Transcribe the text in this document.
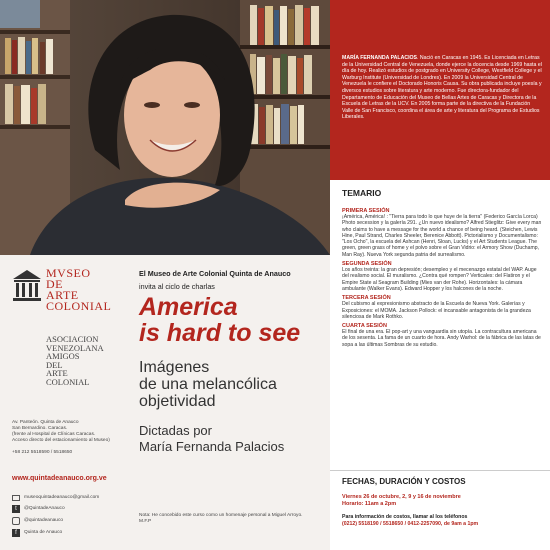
MARÍA FERNANDA PALACIOS. Nació en Caracas en 1945. Es Licenciada en Letras de la Universidad Central de Venezuela, donde ejerce la docencia desde 1969 hasta el día de hoy. Realizó estudios de postgrado en University College, Westfield College y el Warburg Institute (Universidad de Londres). En 2009 la Universidad Central de Venezuela le confiere el Doctorado Honoris Causa. Su obra publicada incluye poesía y diversos estudios sobre literatura y arte moderno. Fue directora-fundador del Departamento de Educación del Museo de Bellas Artes de Caracas y Directora de la Escuela de Letras de la UCV. En 2005 forma parte de la directiva de la Fundación Valle de San Francisco, coordina el área de arte y literatura del Programa de Estudios Liberales.
TEMARIO
PRIMERA SESIÓN
¡América, América! : "Tierra para todo lo que huye de la tierra" (Federico García Lorca) Photo secession y la galería 291. ¿Un nuevo idealismo? Alfred Stieglitz: Give every man who claims to have a message for the world a chance of being heard. (Steichen, Lewis Hine, Paul Strand, Charles Sheeler, Berenice Abbott). Pictorialismo y Documentalismo: "Los Ocho", la escuela del Ashcan (Henri, Sloan, Lucks) y el Art Students League. The green, green grass of home y el polvo sobre el Gran Vidrio: el Armory Show (Duchamp, Man Ray). Nueva York segunda patria del surrealismo.
SEGUNDA SESIÓN
Los años treinta: la gran depresión; desempleo y el mecenazgo estatal del WAP. Auge del realismo social. El muralismo. ¿Contra qué rompen? Verticales: del Flatiron y el Empire State al Seagram Building (Mies van der Rohe). Horizontales: la cámara ambulante (Walker Evans). Edward Hopper y los halcones de la noche.
TERCERA SESIÓN
Del cubismo al expresionismo abstracto de la Escuela de Nueva York. Galerías y Exposiciones: el MOMA. Jackson Pollock: el incansable antagonista de la grandeza silenciosa de Mark Rothko.
CUARTA SESIÓN
El final de una era. El pop-art y una vanguardia sin utopía. La contracultura americana de los sesenta. La fama de un cuarto de hora. Andy Warhol: de la fábrica de las latas de sopa a las últimas Sombras de su estudio.
MVSEO
DE
ARTE
COLONIAL
ASOCIACION
VENEZOLANA
AMIGOS
DEL
ARTE
COLONIAL
El Museo de Arte Colonial Quinta de Anauco
invita al ciclo de charlas
America
is hard to see
Imágenes
de una melancólica
objetividad
Dictadas por
María Fernanda Palacios
Av. Panteón. Quinta de Anauco
San Bernardino. Caracas.
(frente al Hospital de Clínicas Caracas.
Acceso directo del estacionamiento al Museo)
+58 212 5518590 / 5518650
www.quintadeanauco.org.ve
museoquintadeanauco@gmail.com
t	@QuintadeAnauco
@quintadeanauco
f	Quinta de Anauco
Nota: He concebido este curso como un homenaje personal a Miguel Arroyo. M.F.P
FECHAS, DURACIÓN Y COSTOS
Viernes 26 de octubre, 2, 9 y 16 de noviembre
Horario: 11am a 2pm
Para información de costos, llamar al los teléfonos
(0212) 5518190 / 5518650 / 0412-2257090, de 9am a 1pm
